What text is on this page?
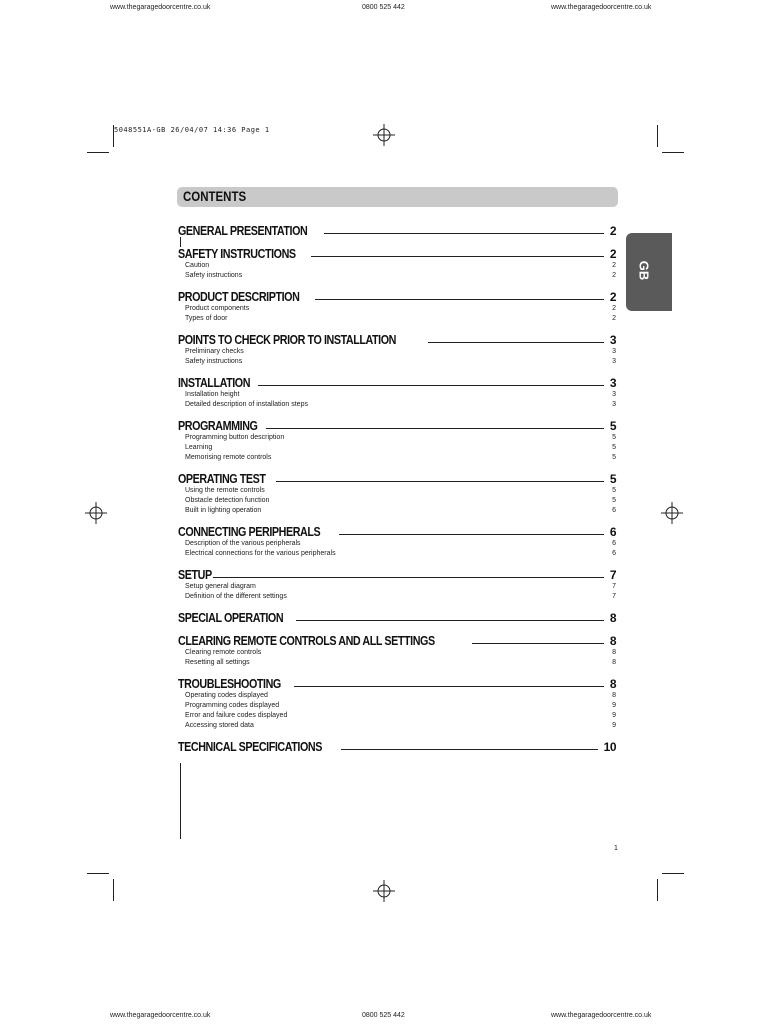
www.thegaragedoorcentre.co.uk	0800 525 442	www.thegaragedoorcentre.co.uk
5048551A-GB 26/04/07 14:36 Page 1
CONTENTS
GB
GENERAL PRESENTATION	2
SAFETY INSTRUCTIONS	2
Caution	2
Safety instructions	2
PRODUCT DESCRIPTION	2
Product components	2
Types of door	2
POINTS TO CHECK PRIOR TO INSTALLATION	3
Preliminary checks	3
Safety instructions	3
INSTALLATION	3
Installation height	3
Detailed description of installation steps	3
PROGRAMMING	5
Programming button description	5
Learning	5
Memorising remote controls	5
OPERATING TEST	5
Using the remote controls	5
Obstacle detection function	5
Built in lighting operation	6
CONNECTING PERIPHERALS	6
Description of the various peripherals	6
Electrical connections for the various peripherals	6
SETUP	7
Setup general diagram	7
Definition of the different settings	7
SPECIAL OPERATION	8
CLEARING REMOTE CONTROLS AND ALL SETTINGS	8
Clearing remote controls	8
Resetting all settings	8
TROUBLESHOOTING	8
Operating codes displayed	8
Programming codes displayed	9
Error and failure codes displayed	9
Accessing stored data	9
TECHNICAL SPECIFICATIONS	10
1
www.thegaragedoorcentre.co.uk	0800 525 442	www.thegaragedoorcentre.co.uk
